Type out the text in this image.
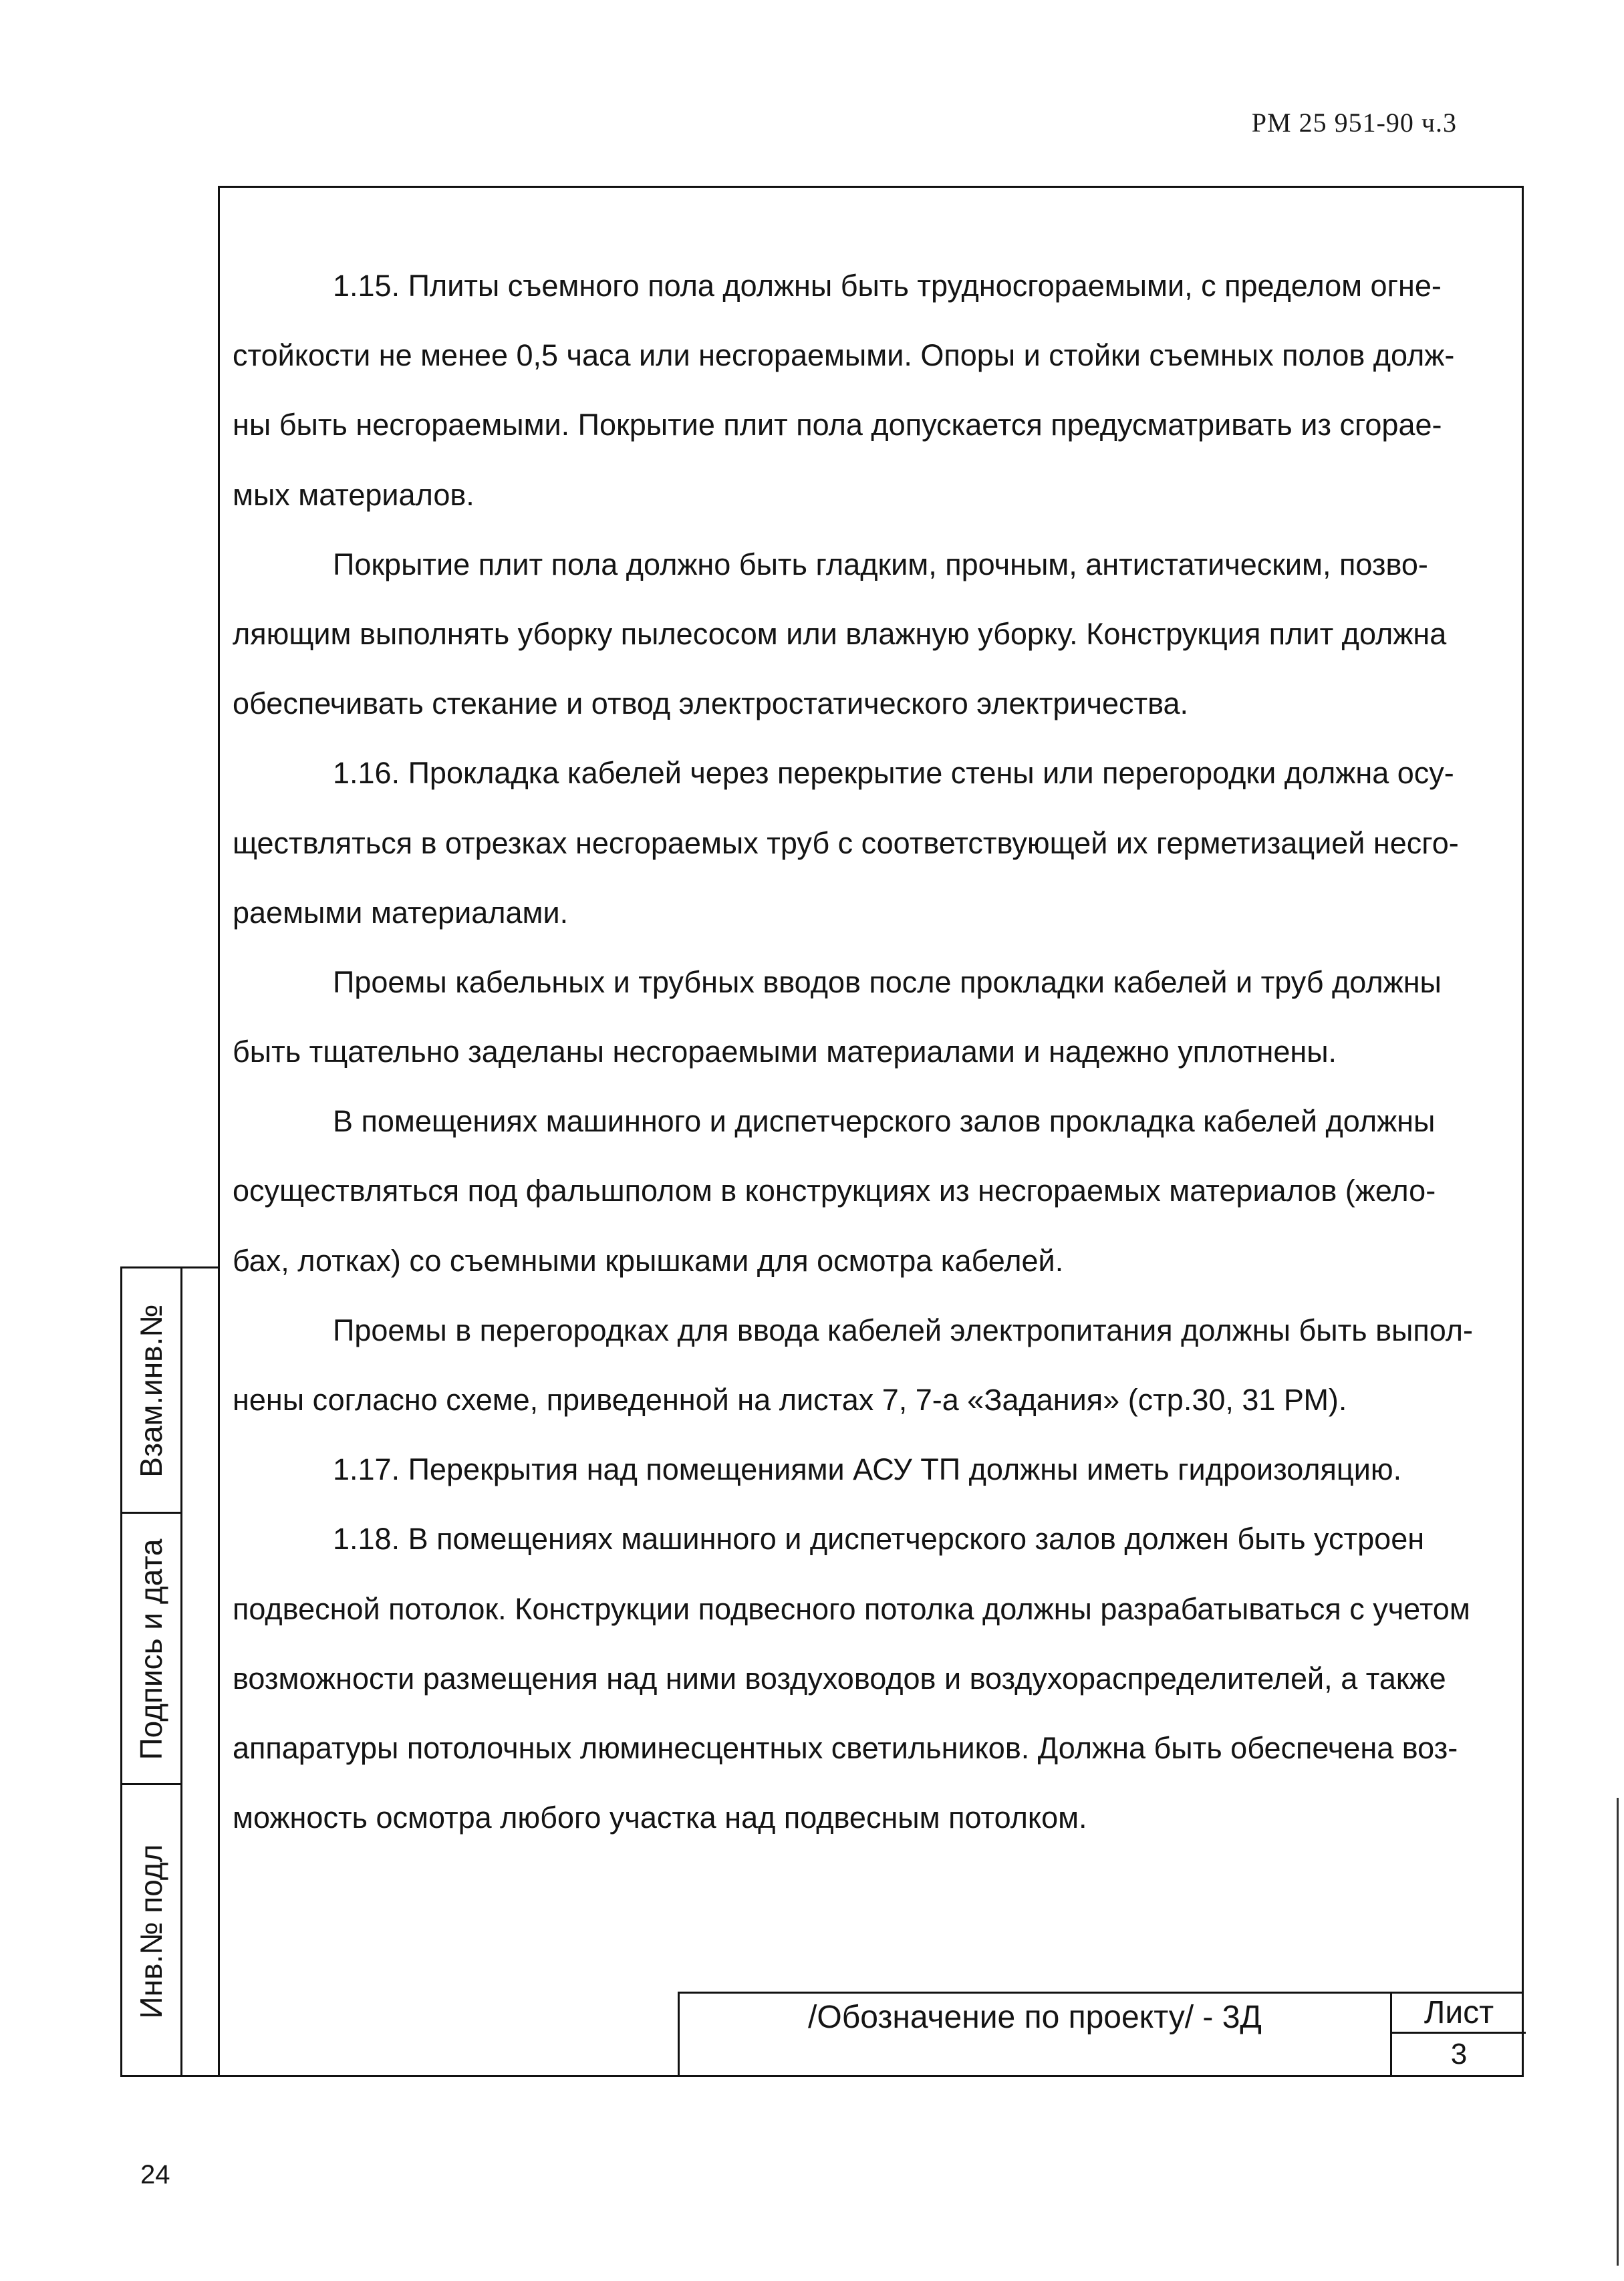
РМ 25 951-90 ч.3
1.15. Плиты съемного пола должны быть трудносгораемыми, с пределом огне-
стойкости не менее 0,5 часа или несгораемыми. Опоры и стойки съемных полов долж-
ны быть несгораемыми. Покрытие плит пола допускается предусматривать из сгорае-
мых материалов.
Покрытие плит пола должно быть гладким, прочным, антистатическим, позво-
ляющим выполнять уборку пылесосом или влажную уборку. Конструкция плит должна
обеспечивать стекание и отвод электростатического электричества.
1.16. Прокладка кабелей через перекрытие стены или перегородки должна осу-
ществляться в отрезках несгораемых труб с соответствующей их герметизацией несго-
раемыми материалами.
Проемы кабельных и трубных вводов после прокладки кабелей и труб должны
быть тщательно заделаны несгораемыми материалами и надежно уплотнены.
В помещениях машинного и диспетчерского залов прокладка кабелей должны
осуществляться под фальшполом в конструкциях из несгораемых материалов (жело-
бах, лотках) со съемными крышками для осмотра кабелей.
Проемы в перегородках для ввода кабелей электропитания должны быть выпол-
нены согласно схеме, приведенной на листах 7, 7-а «Задания» (стр.30, 31 РМ).
1.17. Перекрытия над помещениями АСУ ТП должны иметь гидроизоляцию.
1.18. В помещениях машинного и диспетчерского залов должен быть устроен
подвесной потолок. Конструкции подвесного потолка должны разрабатываться с учетом
возможности размещения над ними воздуховодов и воздухораспределителей, а также
аппаратуры потолочных люминесцентных светильников. Должна быть обеспечена воз-
можность осмотра любого участка над подвесным потолком.
Взам.инв.№
Подпись и дата
Инв.№ подл	/Обозначение по проекту/ - 3Д	Лист
3
24
